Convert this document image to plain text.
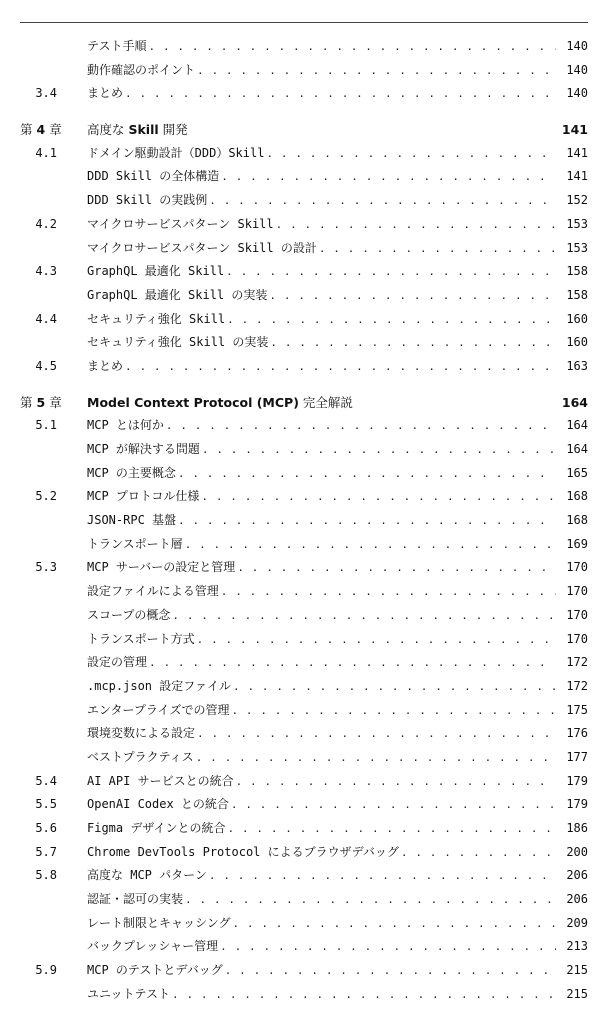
テスト手順 . . .	140
動作確認のポイント . . .	140
3.4	まとめ . . .	140
第 4 章 高度な Skill 開発	141
4.1	ドメイン駆動設計（DDD）Skill . . .	141
DDD Skill の全体構造 . . .	141
DDD Skill の実践例 . . .	152
4.2	マイクロサービスパターン Skill . . .	153
マイクロサービスパターン Skill の設計 . . .	153
4.3	GraphQL 最適化 Skill . . .	158
GraphQL 最適化 Skill の実装 . . .	158
4.4	セキュリティ強化 Skill . . .	160
セキュリティ強化 Skill の実装 . . .	160
4.5	まとめ . . .	163
第 5 章 Model Context Protocol (MCP) 完全解説	164
5.1	MCP とは何か . . .	164
MCP が解決する問題 . . .	164
MCP の主要概念 . . .	165
5.2	MCP プロトコル仕様 . . .	168
JSON-RPC 基盤 . . .	168
トランスポート層 . . .	169
5.3	MCP サーバーの設定と管理 . . .	170
設定ファイルによる管理 . . .	170
スコープの概念 . . .	170
トランスポート方式 . . .	170
設定の管理 . . .	172
.mcp.json 設定ファイル . . .	172
エンタープライズでの管理 . . .	175
環境変数による設定 . . .	176
ベストプラクティス . . .	177
5.4	AI API サービスとの統合 . . .	179
5.5	OpenAI Codex との統合 . . .	179
5.6	Figma デザインとの統合 . . .	186
5.7	Chrome DevTools Protocol によるブラウザデバッグ . . .	200
5.8	高度な MCP パターン . . .	206
認証・認可の実装 . . .	206
レート制限とキャッシング . . .	209
バックプレッシャー管理 . . .	213
5.9	MCP のテストとデバッグ . . .	215
ユニットテスト . . .	215
